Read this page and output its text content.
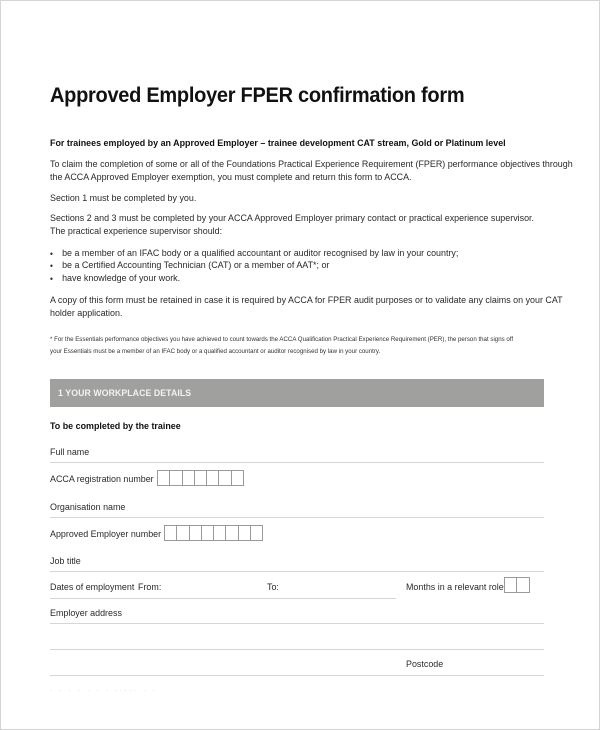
Approved Employer FPER confirmation form
For trainees employed by an Approved Employer – trainee development CAT stream, Gold or Platinum level
To claim the completion of some or all of the Foundations Practical Experience Requirement (FPER) performance objectives through
the ACCA Approved Employer exemption, you must complete and return this form to ACCA.
Section 1 must be completed by you.
Sections 2 and 3 must be completed by your ACCA Approved Employer primary contact or practical experience supervisor.
The practical experience supervisor should:
• be a member of an IFAC body or a qualified accountant or auditor recognised by law in your country;
• be a Certified Accounting Technician (CAT) or a member of AAT*; or
• have knowledge of your work.
A copy of this form must be retained in case it is required by ACCA for FPER audit purposes or to validate any claims on your CAT
holder application.
* For the Essentials performance objectives you have achieved to count towards the ACCA Qualification Practical Experience Requirement (PER), the person that signs off
your Essentials must be a member of an IFAC body or a qualified accountant or auditor recognised by law in your country.
1 YOUR WORKPLACE DETAILS
To be completed by the trainee
Full name
ACCA registration number
Organisation name
Approved Employer number
Job title
Dates of employment From:	To:	Months in a relevant role
Employer address
Postcode
. . . . . . . ..... . .
